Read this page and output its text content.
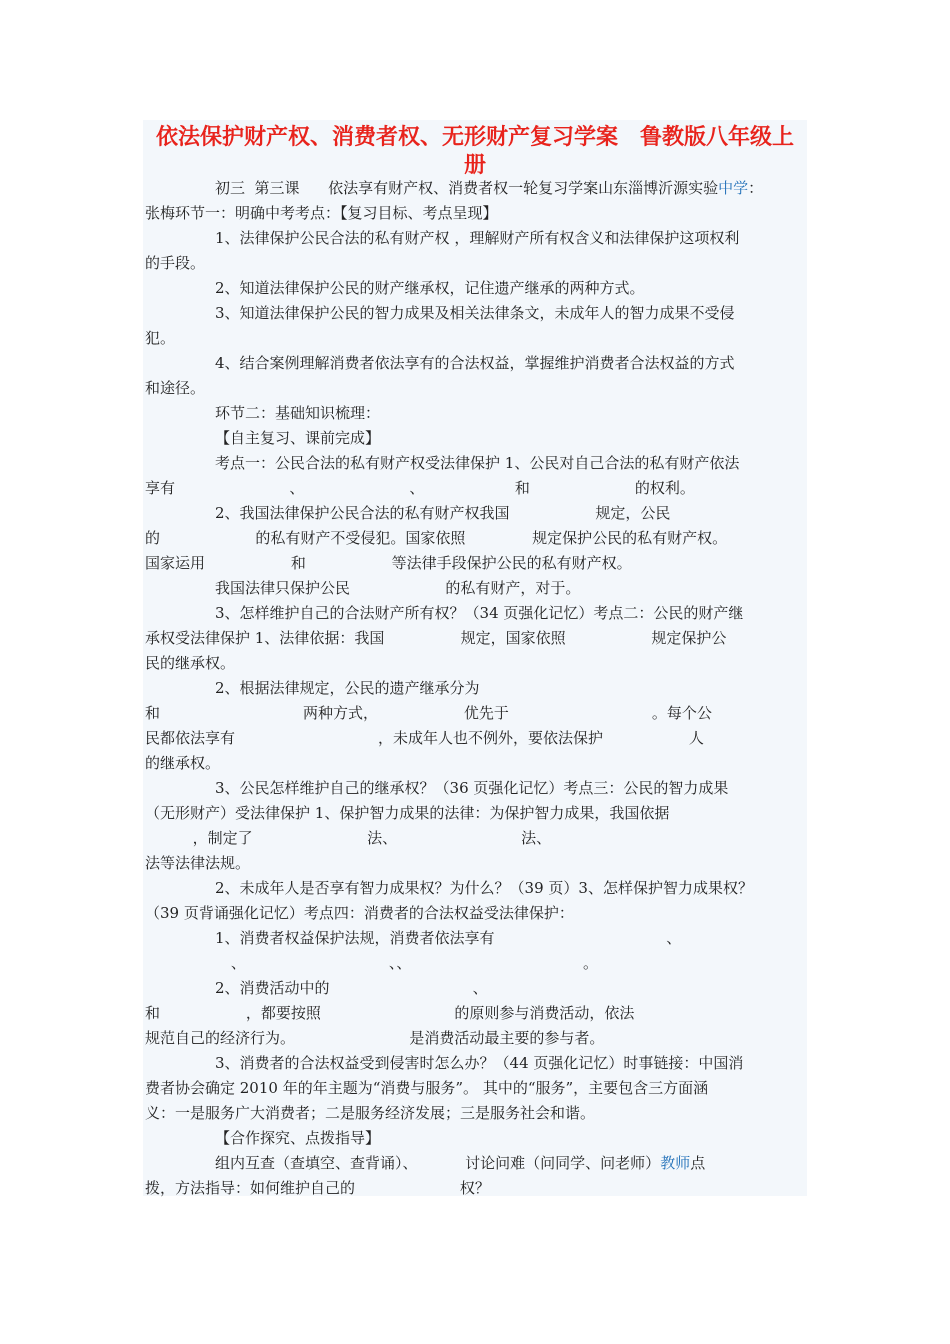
依法保护财产权、消费者权、无形财产复习学案　鲁教版八年级上
册
初三  第三课      依法享有财产权、消费者权一轮复习学案山东淄博沂源实验中学：
张梅环节一：明确中考考点：【复习目标、考点呈现】
1、法律保护公民合法的私有财产权 ，理解财产所有权含义和法律保护这项权利
的手段。
2、知道法律保护公民的财产继承权，记住遗产继承的两种方式。
3、知道法律保护公民的智力成果及相关法律条文，未成年人的智力成果不受侵
犯。
4、结合案例理解消费者依法享有的合法权益，掌握维护消费者合法权益的方式
和途径。
环节二：基础知识梳理：
【自主复习、课前完成】
考点一：公民合法的私有财产权受法律保护 1、公民对自己合法的私有财产依法
享有                        、                      、                   和                      的权利。
2、我国法律保护公民合法的私有财产权我国                  规定，公民
的                    的私有财产不受侵犯。国家依照              规定保护公民的私有财产权。
国家运用                  和                  等法律手段保护公民的私有财产权。
我国法律只保护公民                    的私有财产，对于。
3、怎样维护自己的合法财产所有权？（34 页强化记忆）考点二：公民的财产继
承权受法律保护 1、法律依据：我国                规定，国家依照                  规定保护公
民的继承权。
2、根据法律规定，公民的遗产继承分为
和                              两种方式，                  优先于                              。每个公
民都依法享有                              ，未成年人也不例外，要依法保护                  人
的继承权。
3、公民怎样维护自己的继承权？（36 页强化记忆）考点三：公民的智力成果
（无形财产）受法律保护 1、保护智力成果的法律：为保护智力成果，我国依据
，制定了                        法、                          法、
法等法律法规。
2、未成年人是否享有智力成果权？为什么？（39 页）3、怎样保护智力成果权？
（39 页背诵强化记忆）考点四：消费者的合法权益受法律保护：
1、消费者权益保护法规，消费者依法享有                                    、
、                              、、                                    。
2、消费活动中的                              、
和                  ，都要按照                            的原则参与消费活动，依法
规范自己的经济行为。                        是消费活动最主要的参与者。
3、消费者的合法权益受到侵害时怎么办？（44 页强化记忆）时事链接：中国消
费者协会确定 2010 年的年主题为“消费与服务”。 其中的“服务”，主要包含三方面涵
义：一是服务广大消费者；二是服务经济发展；三是服务社会和谐。
【合作探究、点拨指导】
组内互查（查填空、查背诵）、          讨论问难（问同学、问老师）教师点
拨，方法指导：如何维护自己的                      权？
